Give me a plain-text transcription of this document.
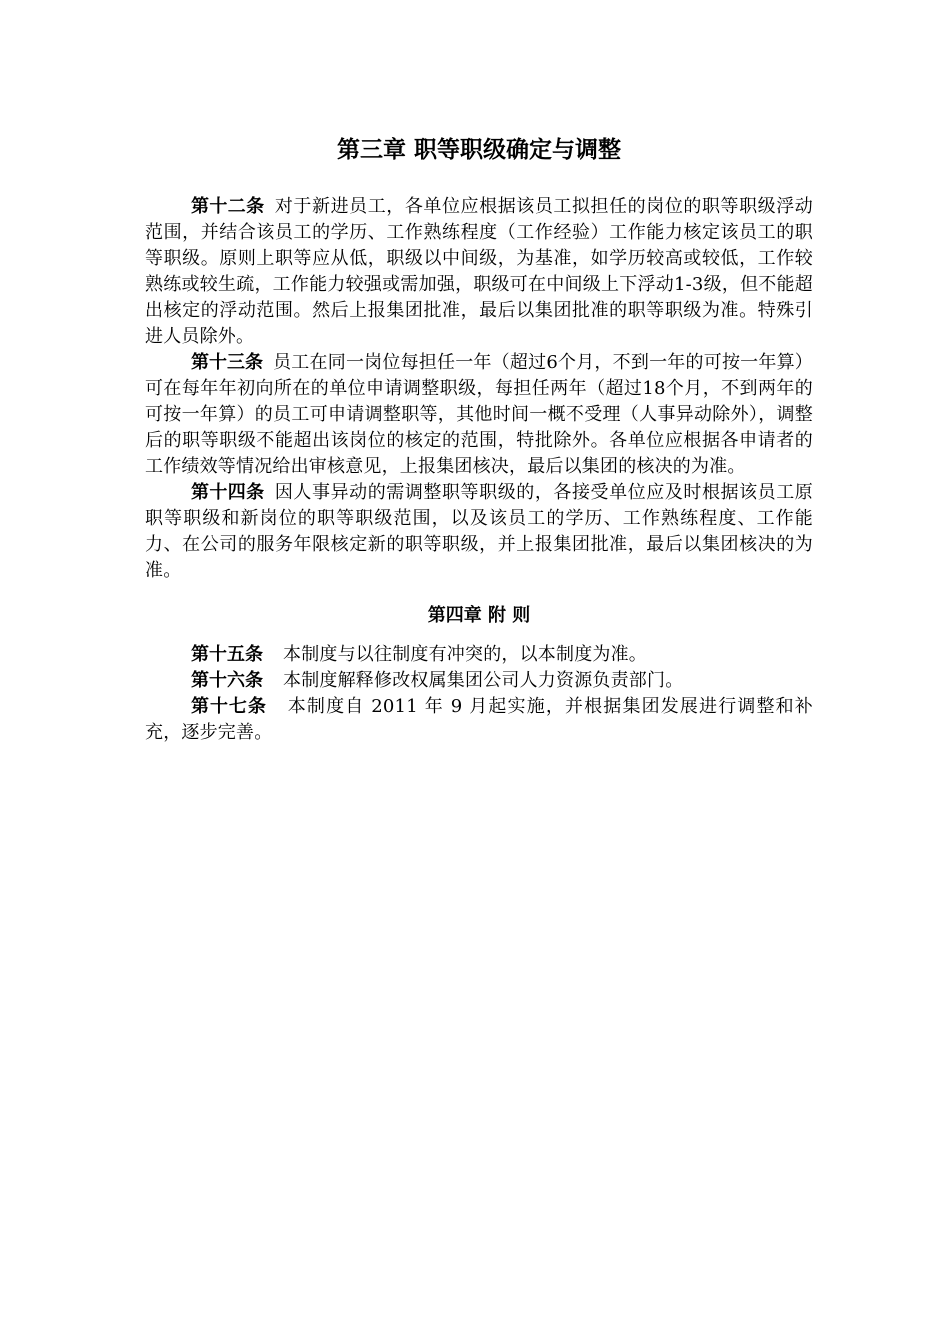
第三章 职等职级确定与调整

第十二条 对于新进员工，各单位应根据该员工拟担任的岗位的职等职级浮动范围，并结合该员工的学历、工作熟练程度（工作经验）工作能力核定该员工的职等职级。原则上职等应从低，职级以中间级，为基准，如学历较高或较低，工作较熟练或较生疏，工作能力较强或需加强，职级可在中间级上下浮动1-3级，但不能超出核定的浮动范围。然后上报集团批准，最后以集团批准的职等职级为准。特殊引进人员除外。

第十三条 员工在同一岗位每担任一年（超过6个月，不到一年的可按一年算）可在每年年初向所在的单位申请调整职级，每担任两年（超过18个月，不到两年的可按一年算）的员工可申请调整职等，其他时间一概不受理（人事异动除外），调整后的职等职级不能超出该岗位的核定的范围，特批除外。各单位应根据各申请者的工作绩效等情况给出审核意见，上报集团核决，最后以集团的核决的为准。

第十四条 因人事异动的需调整职等职级的，各接受单位应及时根据该员工原职等职级和新岗位的职等职级范围，以及该员工的学历、工作熟练程度、工作能力、在公司的服务年限核定新的职等职级，并上报集团批准，最后以集团核决的为准。

第四章 附 则

第十五条 本制度与以往制度有冲突的，以本制度为准。

第十六条 本制度解释修改权属集团公司人力资源负责部门。

第十七条 本制度自 2011 年 9 月起实施，并根据集团发展进行调整和补充，逐步完善。
